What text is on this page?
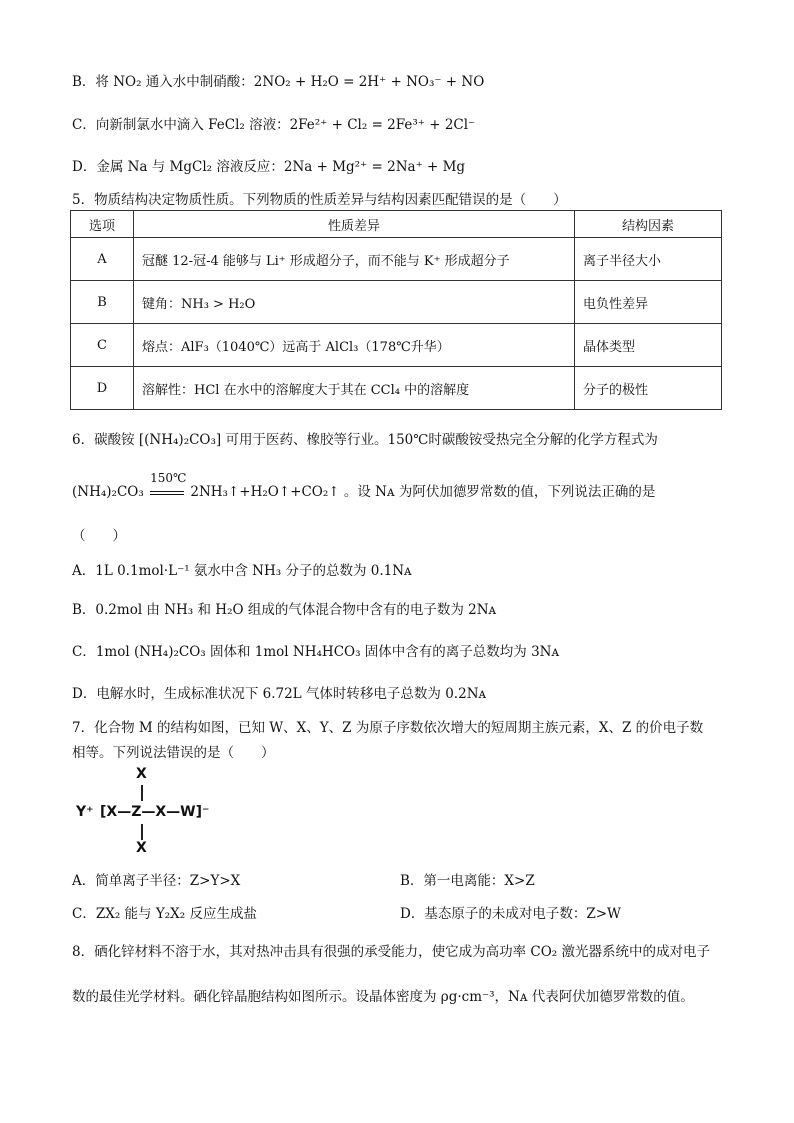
B．将 NO₂ 通入水中制硝酸：2NO₂ + H₂O = 2H⁺ + NO₃⁻ + NO
C．向新制氯水中滴入 FeCl₂ 溶液：2Fe²⁺ + Cl₂ = 2Fe³⁺ + 2Cl⁻
D．金属 Na 与 MgCl₂ 溶液反应：2Na + Mg²⁺ = 2Na⁺ + Mg
5．物质结构决定物质性质。下列物质的性质差异与结构因素匹配错误的是（　　）
选项	性质差异	结构因素
A	冠醚 12-冠-4 能够与 Li⁺ 形成超分子，而不能与 K⁺ 形成超分子	离子半径大小
B	键角：NH₃ > H₂O	电负性差异
C	熔点：AlF₃（1040℃）远高于 AlCl₃（178℃升华）	晶体类型
D	溶解性：HCl 在水中的溶解度大于其在 CCl₄ 中的溶解度	分子的极性
6．碳酸铵 [(NH₄)₂CO₃] 可用于医药、橡胶等行业。150℃时碳酸铵受热完全分解的化学方程式为
(NH₄)₂CO₃
150℃
2NH₃↑+H₂O↑+CO₂↑ 。设 Nᴀ 为阿伏加德罗常数的值，下列说法正确的是
（　　）
A．1L 0.1mol·L⁻¹ 氨水中含 NH₃ 分子的总数为 0.1Nᴀ
B．0.2mol 由 NH₃ 和 H₂O 组成的气体混合物中含有的电子数为 2Nᴀ
C．1mol (NH₄)₂CO₃ 固体和 1mol NH₄HCO₃ 固体中含有的离子总数均为 3Nᴀ
D．电解水时，生成标准状况下 6.72L 气体时转移电子总数为 0.2Nᴀ
7．化合物 M 的结构如图，已知 W、X、Y、Z 为原子序数依次增大的短周期主族元素，X、Z 的价电子数
相等。下列说法错误的是（　　）
X
Y⁺ [X—Z—X—W]⁻
X
A．简单离子半径：Z>Y>X	B．第一电离能：X>Z
C．ZX₂ 能与 Y₂X₂ 反应生成盐	D．基态原子的未成对电子数：Z>W
8．硒化锌材料不溶于水，其对热冲击具有很强的承受能力，使它成为高功率 CO₂ 激光器系统中的成对电子
数的最佳光学材料。硒化锌晶胞结构如图所示。设晶体密度为 ρg·cm⁻³，Nᴀ 代表阿伏加德罗常数的值。
